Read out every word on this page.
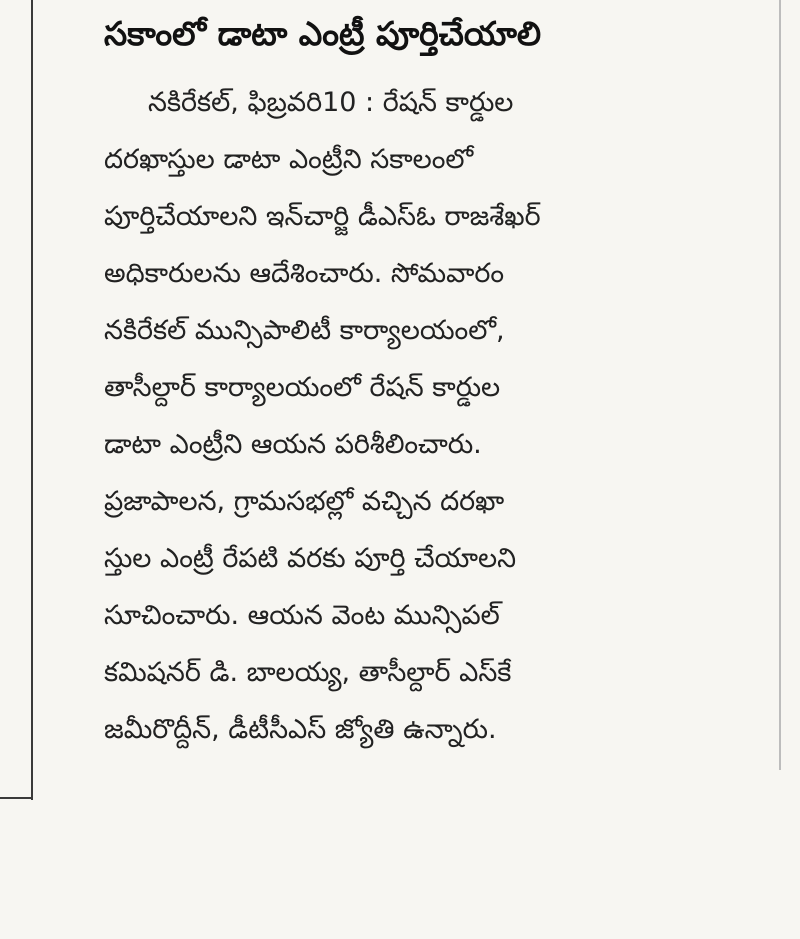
సకాంలో డాటా ఎంట్రీ పూర్తిచేయాలి
నకిరేకల్, ఫిబ్రవరి10 : రేషన్ కార్డుల
దరఖాస్తుల డాటా ఎంట్రీని సకాలంలో
పూర్తిచేయాలని ఇన్‌చార్జి డీఎస్‌ఓ రాజశేఖర్
అధికారులను ఆదేశించారు. సోమవారం
నకిరేకల్ మున్సిపాలిటీ కార్యాలయంలో,
తాసీల్దార్ కార్యాలయంలో రేషన్ కార్డుల
డాటా ఎంట్రీని ఆయన పరిశీలించారు.
ప్రజాపాలన, గ్రామసభల్లో వచ్చిన దరఖా
స్తుల ఎంట్రీ రేపటి వరకు పూర్తి చేయాలని
సూచించారు. ఆయన వెంట మున్సిపల్
కమిషనర్ డి. బాలయ్య, తాసీల్దార్ ఎస్‌కే
జమీరొద్దీన్, డీటీసీఎస్ జ్యోతి ఉన్నారు.
